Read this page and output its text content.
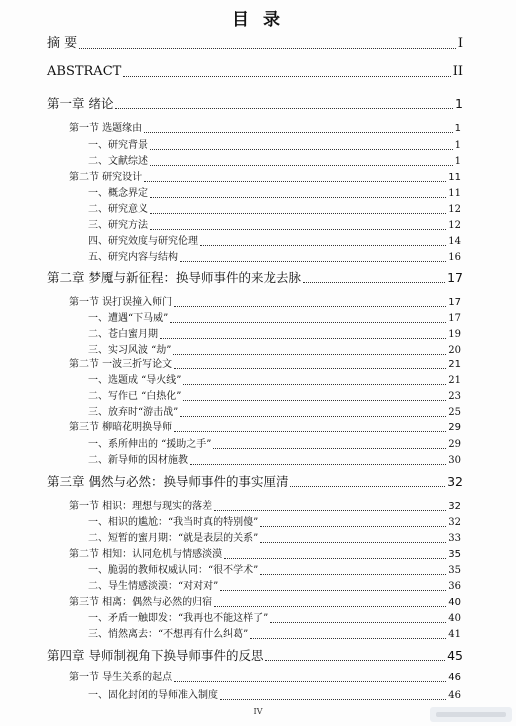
目 录
摘 要	I
ABSTRACT	II
第一章 绪论	1
第一节 选题缘由	1
一、研究背景	1
二、文献综述	1
第二节 研究设计	11
一、概念界定	11
二、研究意义	12
三、研究方法	12
四、研究效度与研究伦理	14
五、研究内容与结构	16
第二章 梦魇与新征程：换导师事件的来龙去脉	17
第一节 误打误撞入师门	17
一、遭遇“下马威”	17
二、苍白蜜月期	19
三、实习风波 “劫”	20
第二节 一波三折写论文	21
一、选题成 “导火线”	21
二、写作已 “白热化”	23
三、放弃时“游击战”	25
第三节 柳暗花明换导师	29
一、系所伸出的 “援助之手”	29
二、新导师的因材施教	30
第三章 偶然与必然：换导师事件的事实厘清	32
第一节 相识：理想与现实的落差	32
一、相识的尴尬：“我当时真的特别傻”	32
二、短暂的蜜月期：“就是表层的关系”	33
第二节 相知：认同危机与情感淡漠	35
一、脆弱的教师权威认同：“很不学术”	35
二、导生情感淡漠：“对对对”	36
第三节 相离：偶然与必然的归宿	40
一、矛盾一触即发：“我再也不能这样了”	40
三、悄然离去：“不想再有什么纠葛”	41
第四章 导师制视角下换导师事件的反思	45
第一节 导生关系的起点	46
一、固化封闭的导师准入制度	46
IV
